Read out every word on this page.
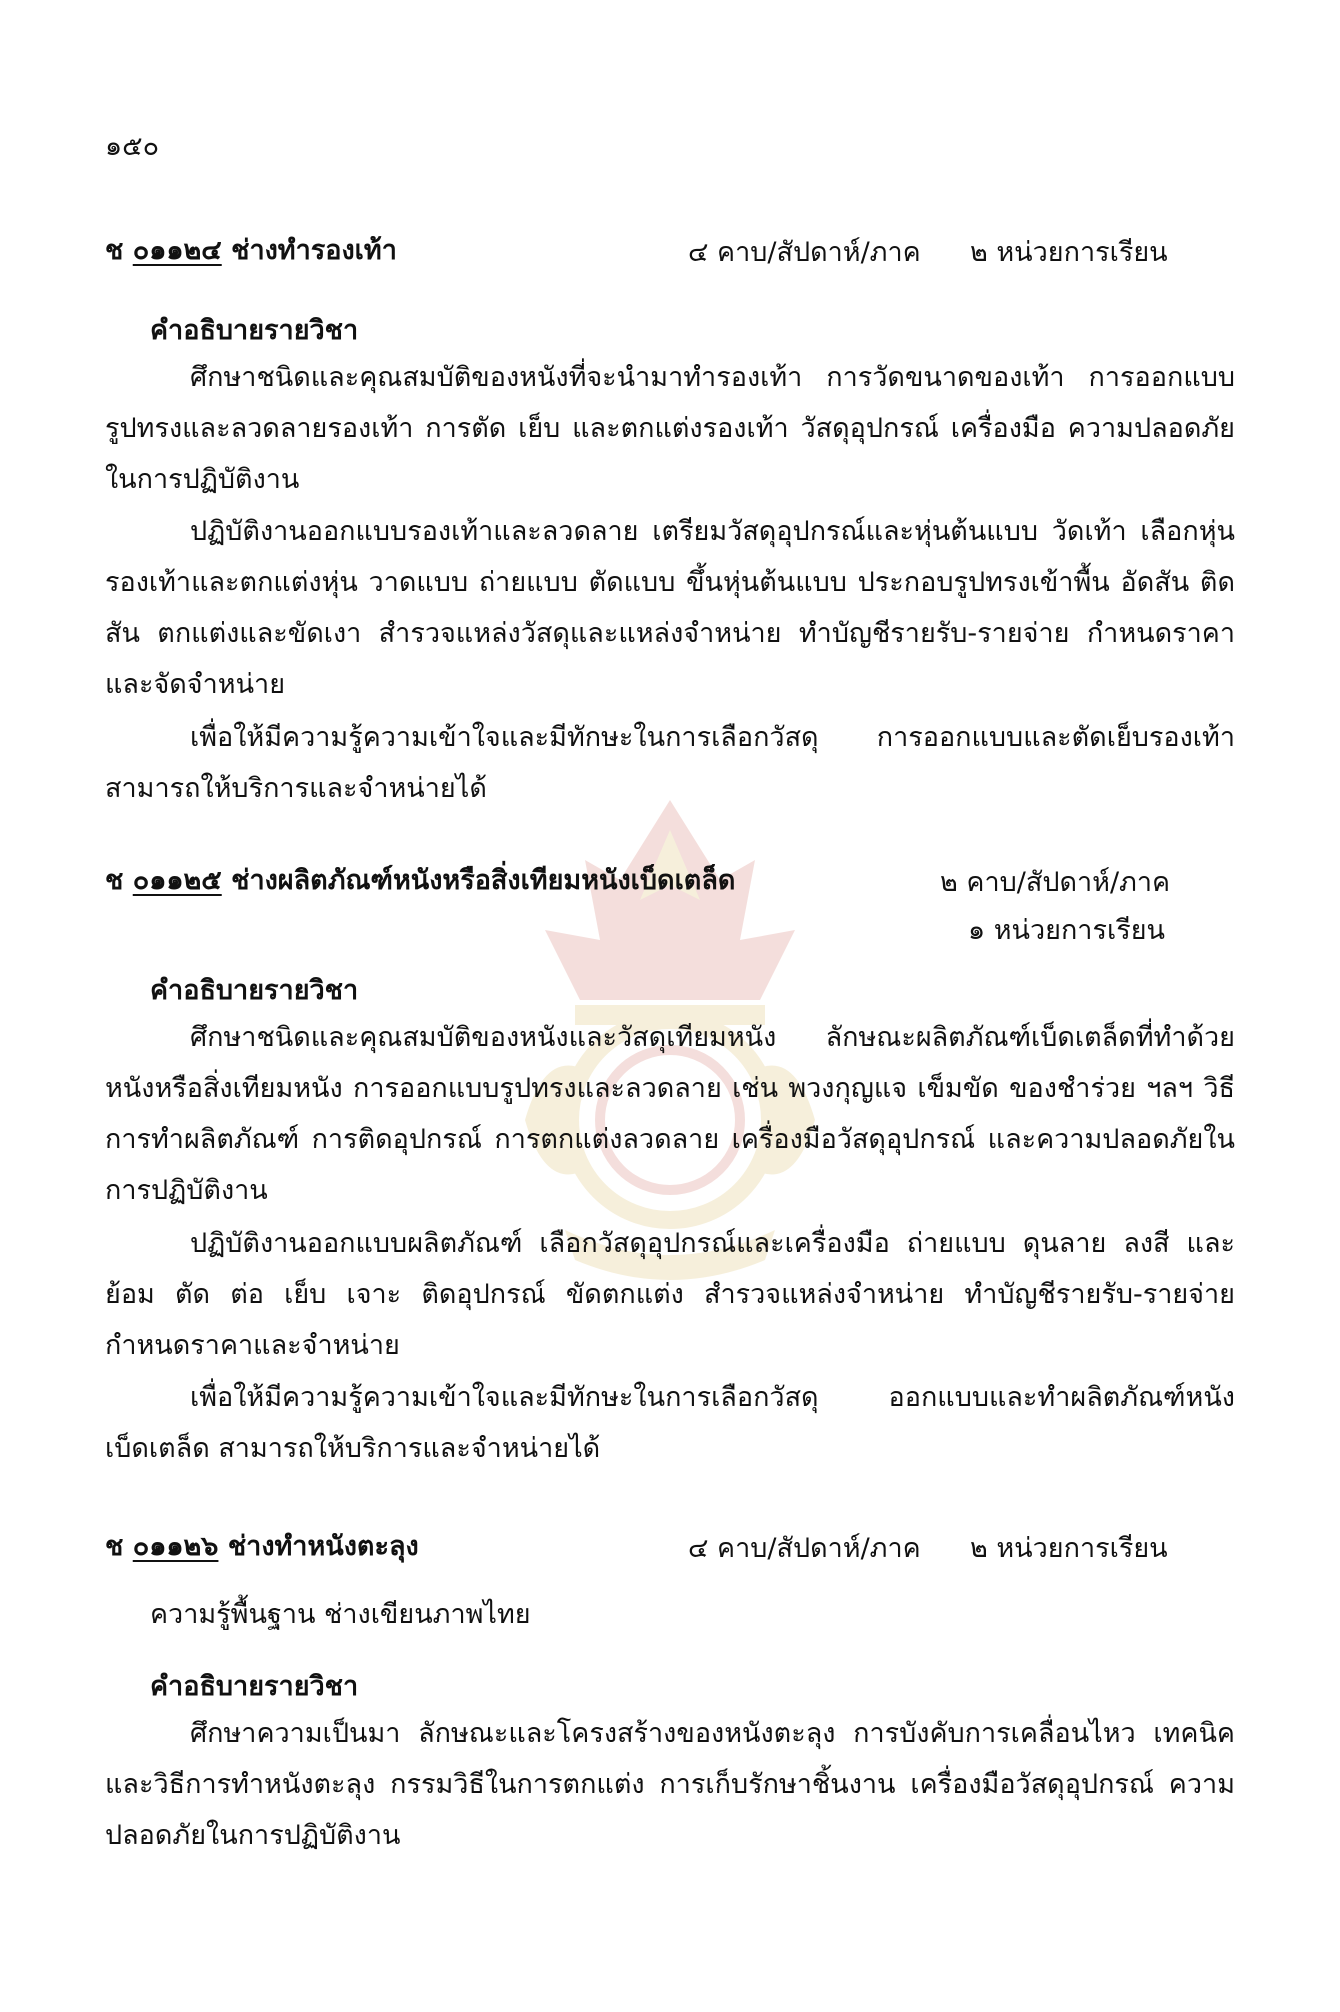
๑๕๐
ช ๐๑๑๒๔ ช่างทำรองเท้า	๔ คาบ/สัปดาห์/ภาค ๒ หน่วยการเรียน
คำอธิบายรายวิชา
ศึกษาชนิดและคุณสมบัติของหนังที่จะนำมาทำรองเท้า การวัดขนาดของเท้า การออกแบบรูปทรงและลวดลายรองเท้า การตัด เย็บ และตกแต่งรองเท้า วัสดุอุปกรณ์ เครื่องมือ ความปลอดภัยในการปฏิบัติงาน
ปฏิบัติงานออกแบบรองเท้าและลวดลาย เตรียมวัสดุอุปกรณ์และหุ่นต้นแบบ วัดเท้า เลือกหุ่นรองเท้าและตกแต่งหุ่น วาดแบบ ถ่ายแบบ ตัดแบบ ขึ้นหุ่นต้นแบบ ประกอบรูปทรงเข้าพื้น อัดสัน ติดสัน ตกแต่งและขัดเงา สำรวจแหล่งวัสดุและแหล่งจำหน่าย ทำบัญชีรายรับ-รายจ่าย กำหนดราคาและจัดจำหน่าย
เพื่อให้มีความรู้ความเข้าใจและมีทักษะในการเลือกวัสดุ การออกแบบและตัดเย็บรองเท้า สามารถให้บริการและจำหน่ายได้
ช ๐๑๑๒๕ ช่างผลิตภัณฑ์หนังหรือสิ่งเทียมหนังเบ็ดเตล็ด	๒ คาบ/สัปดาห์/ภาค
๑ หน่วยการเรียน
คำอธิบายรายวิชา
ศึกษาชนิดและคุณสมบัติของหนังและวัสดุเทียมหนัง ลักษณะผลิตภัณฑ์เบ็ดเตล็ดที่ทำด้วยหนังหรือสิ่งเทียมหนัง การออกแบบรูปทรงและลวดลาย เช่น พวงกุญแจ เข็มขัด ของชำร่วย ฯลฯ วิธีการทำผลิตภัณฑ์ การติดอุปกรณ์ การตกแต่งลวดลาย เครื่องมือวัสดุอุปกรณ์ และความปลอดภัยในการปฏิบัติงาน
ปฏิบัติงานออกแบบผลิตภัณฑ์ เลือกวัสดุอุปกรณ์และเครื่องมือ ถ่ายแบบ ดุนลาย ลงสี และย้อม ตัด ต่อ เย็บ เจาะ ติดอุปกรณ์ ขัดตกแต่ง สำรวจแหล่งจำหน่าย ทำบัญชีรายรับ-รายจ่าย กำหนดราคาและจำหน่าย
เพื่อให้มีความรู้ความเข้าใจและมีทักษะในการเลือกวัสดุ ออกแบบและทำผลิตภัณฑ์หนังเบ็ดเตล็ด สามารถให้บริการและจำหน่ายได้
ช ๐๑๑๒๖ ช่างทำหนังตะลุง	๔ คาบ/สัปดาห์/ภาค ๒ หน่วยการเรียน
ความรู้พื้นฐาน ช่างเขียนภาพไทย
คำอธิบายรายวิชา
ศึกษาความเป็นมา ลักษณะและโครงสร้างของหนังตะลุง การบังคับการเคลื่อนไหว เทคนิคและวิธีการทำหนังตะลุง กรรมวิธีในการตกแต่ง การเก็บรักษาชิ้นงาน เครื่องมือวัสดุอุปกรณ์ ความปลอดภัยในการปฏิบัติงาน
